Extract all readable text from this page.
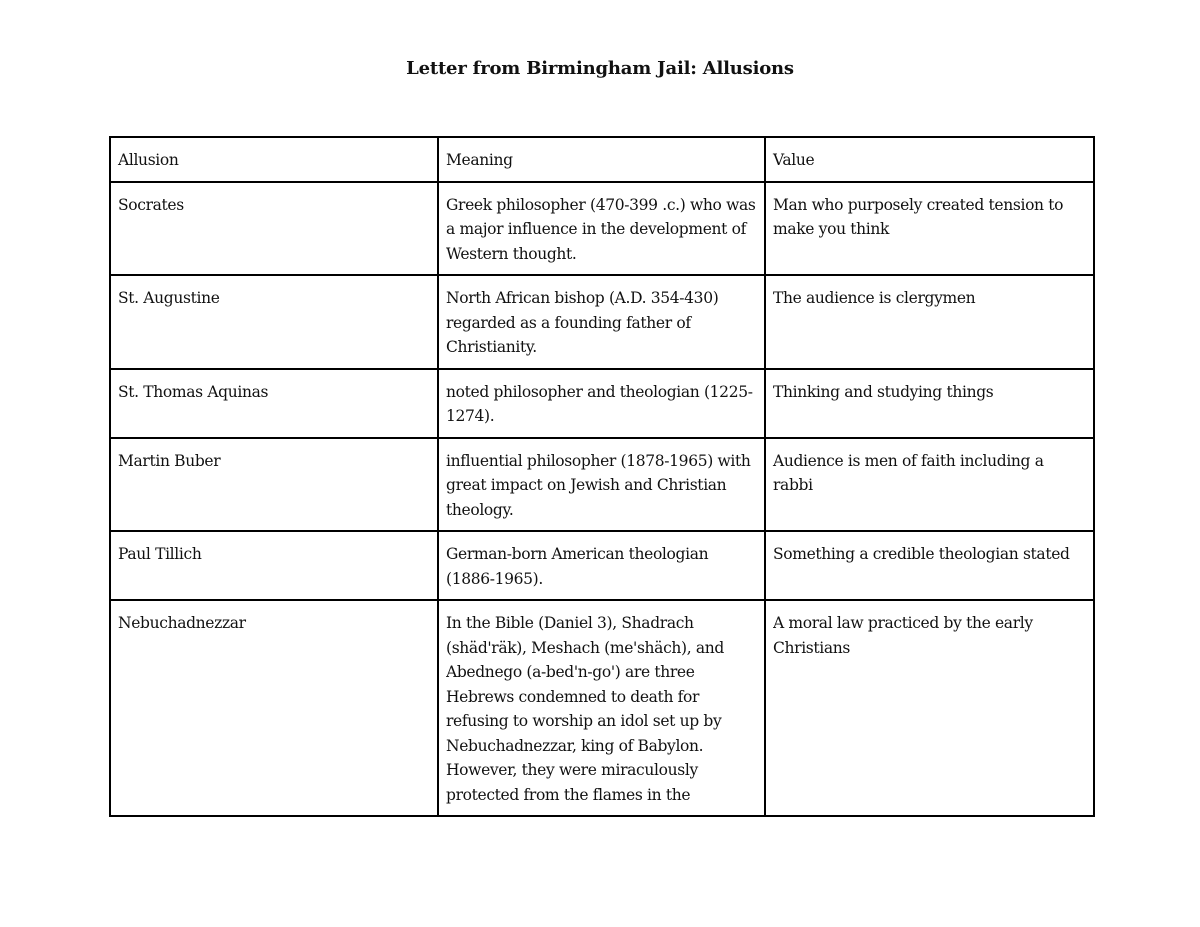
Letter from Birmingham Jail: Allusions
Allusion	Meaning	Value
Socrates	Greek philosopher (470-399 .c.) who was a major influence in the development of Western thought.	Man who purposely created tension to make you think
St. Augustine	North African bishop (A.D. 354-430) regarded as a founding father of Christianity.	The audience is clergymen
St. Thomas Aquinas	noted philosopher and theologian (1225-1274).	Thinking and studying things
Martin Buber	influential philosopher (1878-1965) with great impact on Jewish and Christian theology.	Audience is men of faith including a rabbi
Paul Tillich	German-born American theologian (1886-1965).	Something a credible theologian stated

Nebuchadnezzar	In the Bible (Daniel 3), Shadrach (shäd'räk), Meshach (me'shäch), and Abednego (a-bed'n-go') are three Hebrews condemned to death for refusing to worship an idol set up by Nebuchadnezzar, king of Babylon. However, they were miraculously protected from the flames in the	A moral law practiced by the early Christians
